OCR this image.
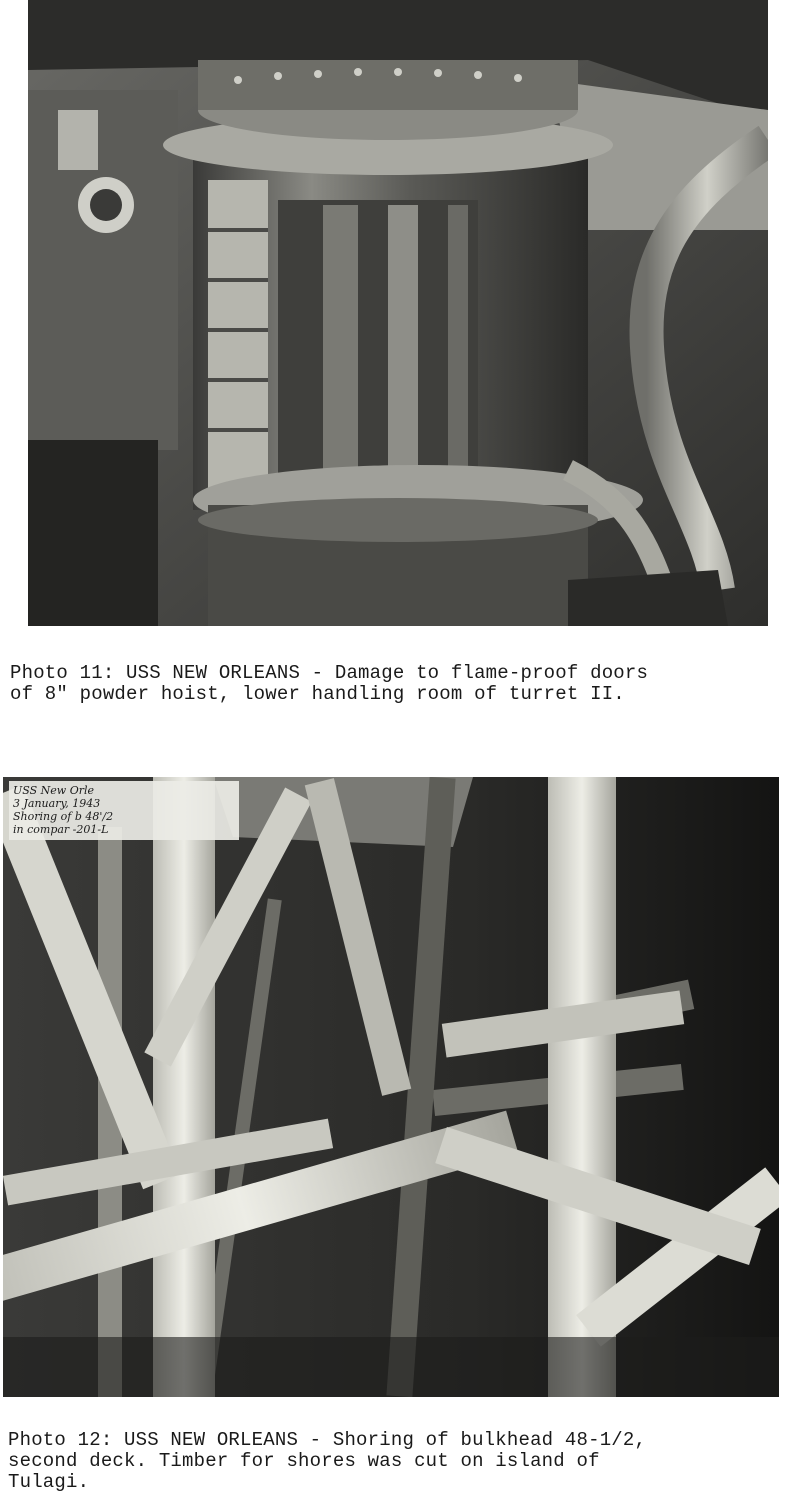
Photo 11: USS NEW ORLEANS - Damage to flame-proof doors
of 8" powder hoist, lower handling room of turret II.
USS New Orle
3 January, 1943
Shoring of b 48'/2
in compar -201-L
Photo 12: USS NEW ORLEANS - Shoring of bulkhead 48-1/2,
second deck. Timber for shores was cut on island of
Tulagi.
